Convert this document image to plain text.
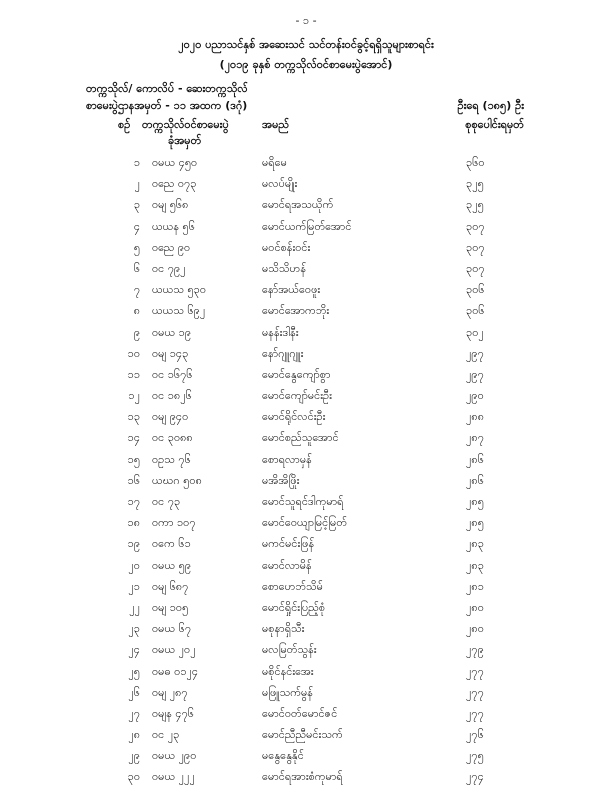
- ၁ -
၂၀၂၀ ပညာသင်နှစ် အဆေးသင် သင်တန်းဝင်ခွင့်ရရှိသူများစာရင်း
(၂၀၁၉ ခုနှစ် တက္ကသိုလ်ဝင်စာမေးပွဲအောင်)
တက္ကသိုလ်/ ကောလိပ် - ဆေးတက္ကသိုလ်
စာမေးပွဲဌာနအမှတ် - ၁၁ အထက (ဒဂုံ)	ဦးရေ (၁၈၅) ဦး
စဉ် တက္ကသိုလ်ဝင်စာမေးပွဲ
ခုံအမှတ်
အမည်	စုစုပေါင်းရမှတ်
၁ ဝမယ ၄၅၀	မရိမေ	၃၆၀
၂ ဝညေ ၀၇၃	မလပ်မျိုး	၃၂၅
၃ ဝမျ ၅၆၈	မောင်ရအသယိုက်	၃၂၅
၄ ယယန ၅၆	မောင်ယက်မြတ်အောင်	၃၀၇
၅ ဝညေ ၉၀	မဝင်စန်းဝင်း	၃၀၇
၆ ဝင ၇၉၂	မသိသိဟန်	၃၀၇
၇ ယယသ ၅၃၀	နော်အယ်ဝေဖူး	၃၀၆
၈ ယယသ ၆၉၂	မောင်အောကဘိုး	၃၀၆
၉ ဝမယ ၁၉	မနန်းဒါနီး	၃၀၂
၁၀ ဝမျ ၁၄၃	နော်ဂျူဂျူး	၂၉၇
၁၁ ဝင ၁၆၇၆	မောင်နွေကျော်စွာ	၂၉၇
၁၂ ဝင ၁၈၂၆	မောင်ကျော်မင်းဦး	၂၉၀
၁၃ ဝမျ ၉၄၀	မောင်ရိုင်လင်းဦး	၂၈၈
၁၄ ဝင ၃၀၈၈	မောင်စည်သူအောင်	၂၈၇
၁၅ ဝဥသ ၇၆	စောရလာမှန်	၂၈၆
၁၆ ယဃဂ ၅၀၈	မအိအိဖြိုး	၂၈၆
၁၇ ဝင ၇၃	မောင်သူရင်ဒါကုမာရ်	၂၈၅
၁၈ ဝကာ ၁၀၇	မောင်ဝေယျာမြင့်မြတ်	၂၈၅
၁၉ ဝကေ ၆၁	မကင်မင်းဖြန်	၂၈၃
၂၀ ဝမယ ၅၉	မောင်လာမိန်	၂၈၃
၂၁ ဝမျ ၆၈၇	စောဟေဘ်သိမ်	၂၈၁
၂၂ ဝမျ ၁၀၅	မောင်ရှိုင်းပြည့်စုံ	၂၈၀
၂၃ ဝမယ ၆၇	မစုနာရှိသီး	၂၈၀
၂၄ ဝမယ ၂၀၂	မလမြတ်သွန်း	၂၇၉
၂၅ ဝမဓ ၀၁၂၄	မစိုင်နင်းအေး	၂၇၇
၂၆ ဝမျ ၂၈၇	မဖြူသက်မွန်	၂၇၇
၂၇ ဝမျန ၄၇၆	မောင်ဝတ်မောင်ဇင်	၂၇၇
၂၈ ဝင ၂၃	မောင်ညီညီမင်းသက်	၂၇၆
၂၉ ဝမယ ၂၉၀	မနွေနွေနိုင်	၂၇၅
၃၀ ဝမယ ၂၂၂	မောင်ရအားစံကုမာရ်	၂၇၄
